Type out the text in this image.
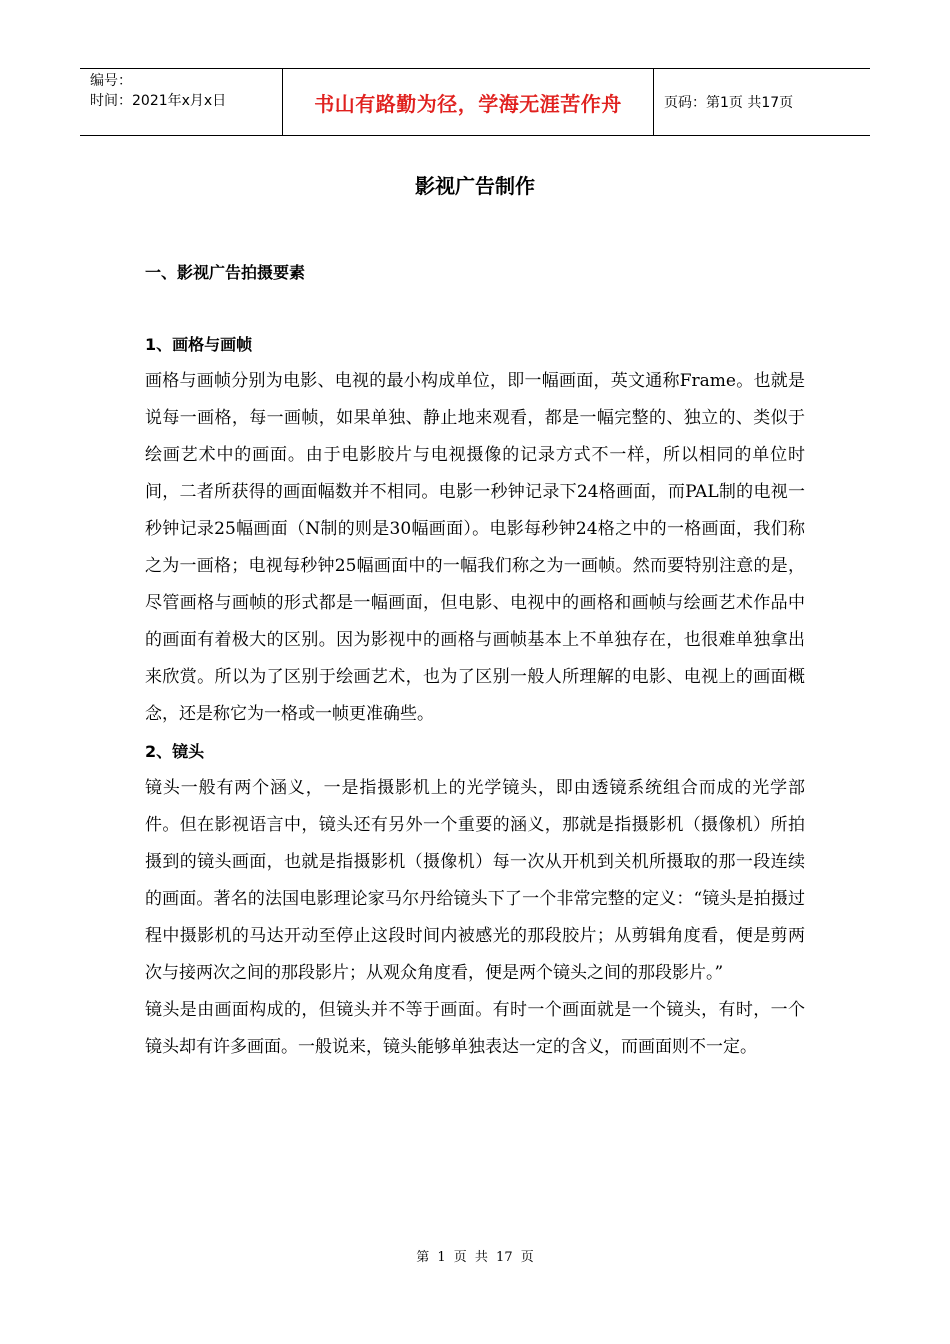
编号：
时间：2021年x月x日	书山有路勤为径，学海无涯苦作舟	页码：第1页 共17页
影视广告制作
一、影视广告拍摄要素
1、画格与画帧

画格与画帧分别为电影、电视的最小构成单位，即一幅画面，英文通称Frame。也就是说每一画格，每一画帧，如果单独、静止地来观看，都是一幅完整的、独立的、类似于绘画艺术中的画面。由于电影胶片与电视摄像的记录方式不一样，所以相同的单位时间，二者所获得的画面幅数并不相同。电影一秒钟记录下24格画面，而PAL制的电视一秒钟记录25幅画面（N制的则是30幅画面）。电影每秒钟24格之中的一格画面，我们称之为一画格；电视每秒钟25幅画面中的一幅我们称之为一画帧。然而要特别注意的是，尽管画格与画帧的形式都是一幅画面，但电影、电视中的画格和画帧与绘画艺术作品中的画面有着极大的区别。因为影视中的画格与画帧基本上不单独存在，也很难单独拿出来欣赏。所以为了区别于绘画艺术，也为了区别一般人所理解的电影、电视上的画面概念，还是称它为一格或一帧更准确些。

2、镜头

镜头一般有两个涵义，一是指摄影机上的光学镜头，即由透镜系统组合而成的光学部件。但在影视语言中，镜头还有另外一个重要的涵义，那就是指摄影机（摄像机）所拍摄到的镜头画面，也就是指摄影机（摄像机）每一次从开机到关机所摄取的那一段连续的画面。著名的法国电影理论家马尔丹给镜头下了一个非常完整的定义：“镜头是拍摄过程中摄影机的马达开动至停止这段时间内被感光的那段胶片；从剪辑角度看，便是剪两次与接两次之间的那段影片；从观众角度看，便是两个镜头之间的那段影片。”

镜头是由画面构成的，但镜头并不等于画面。有时一个画面就是一个镜头，有时，一个镜头却有许多画面。一般说来，镜头能够单独表达一定的含义，而画面则不一定。

第 1 页 共 17 页
